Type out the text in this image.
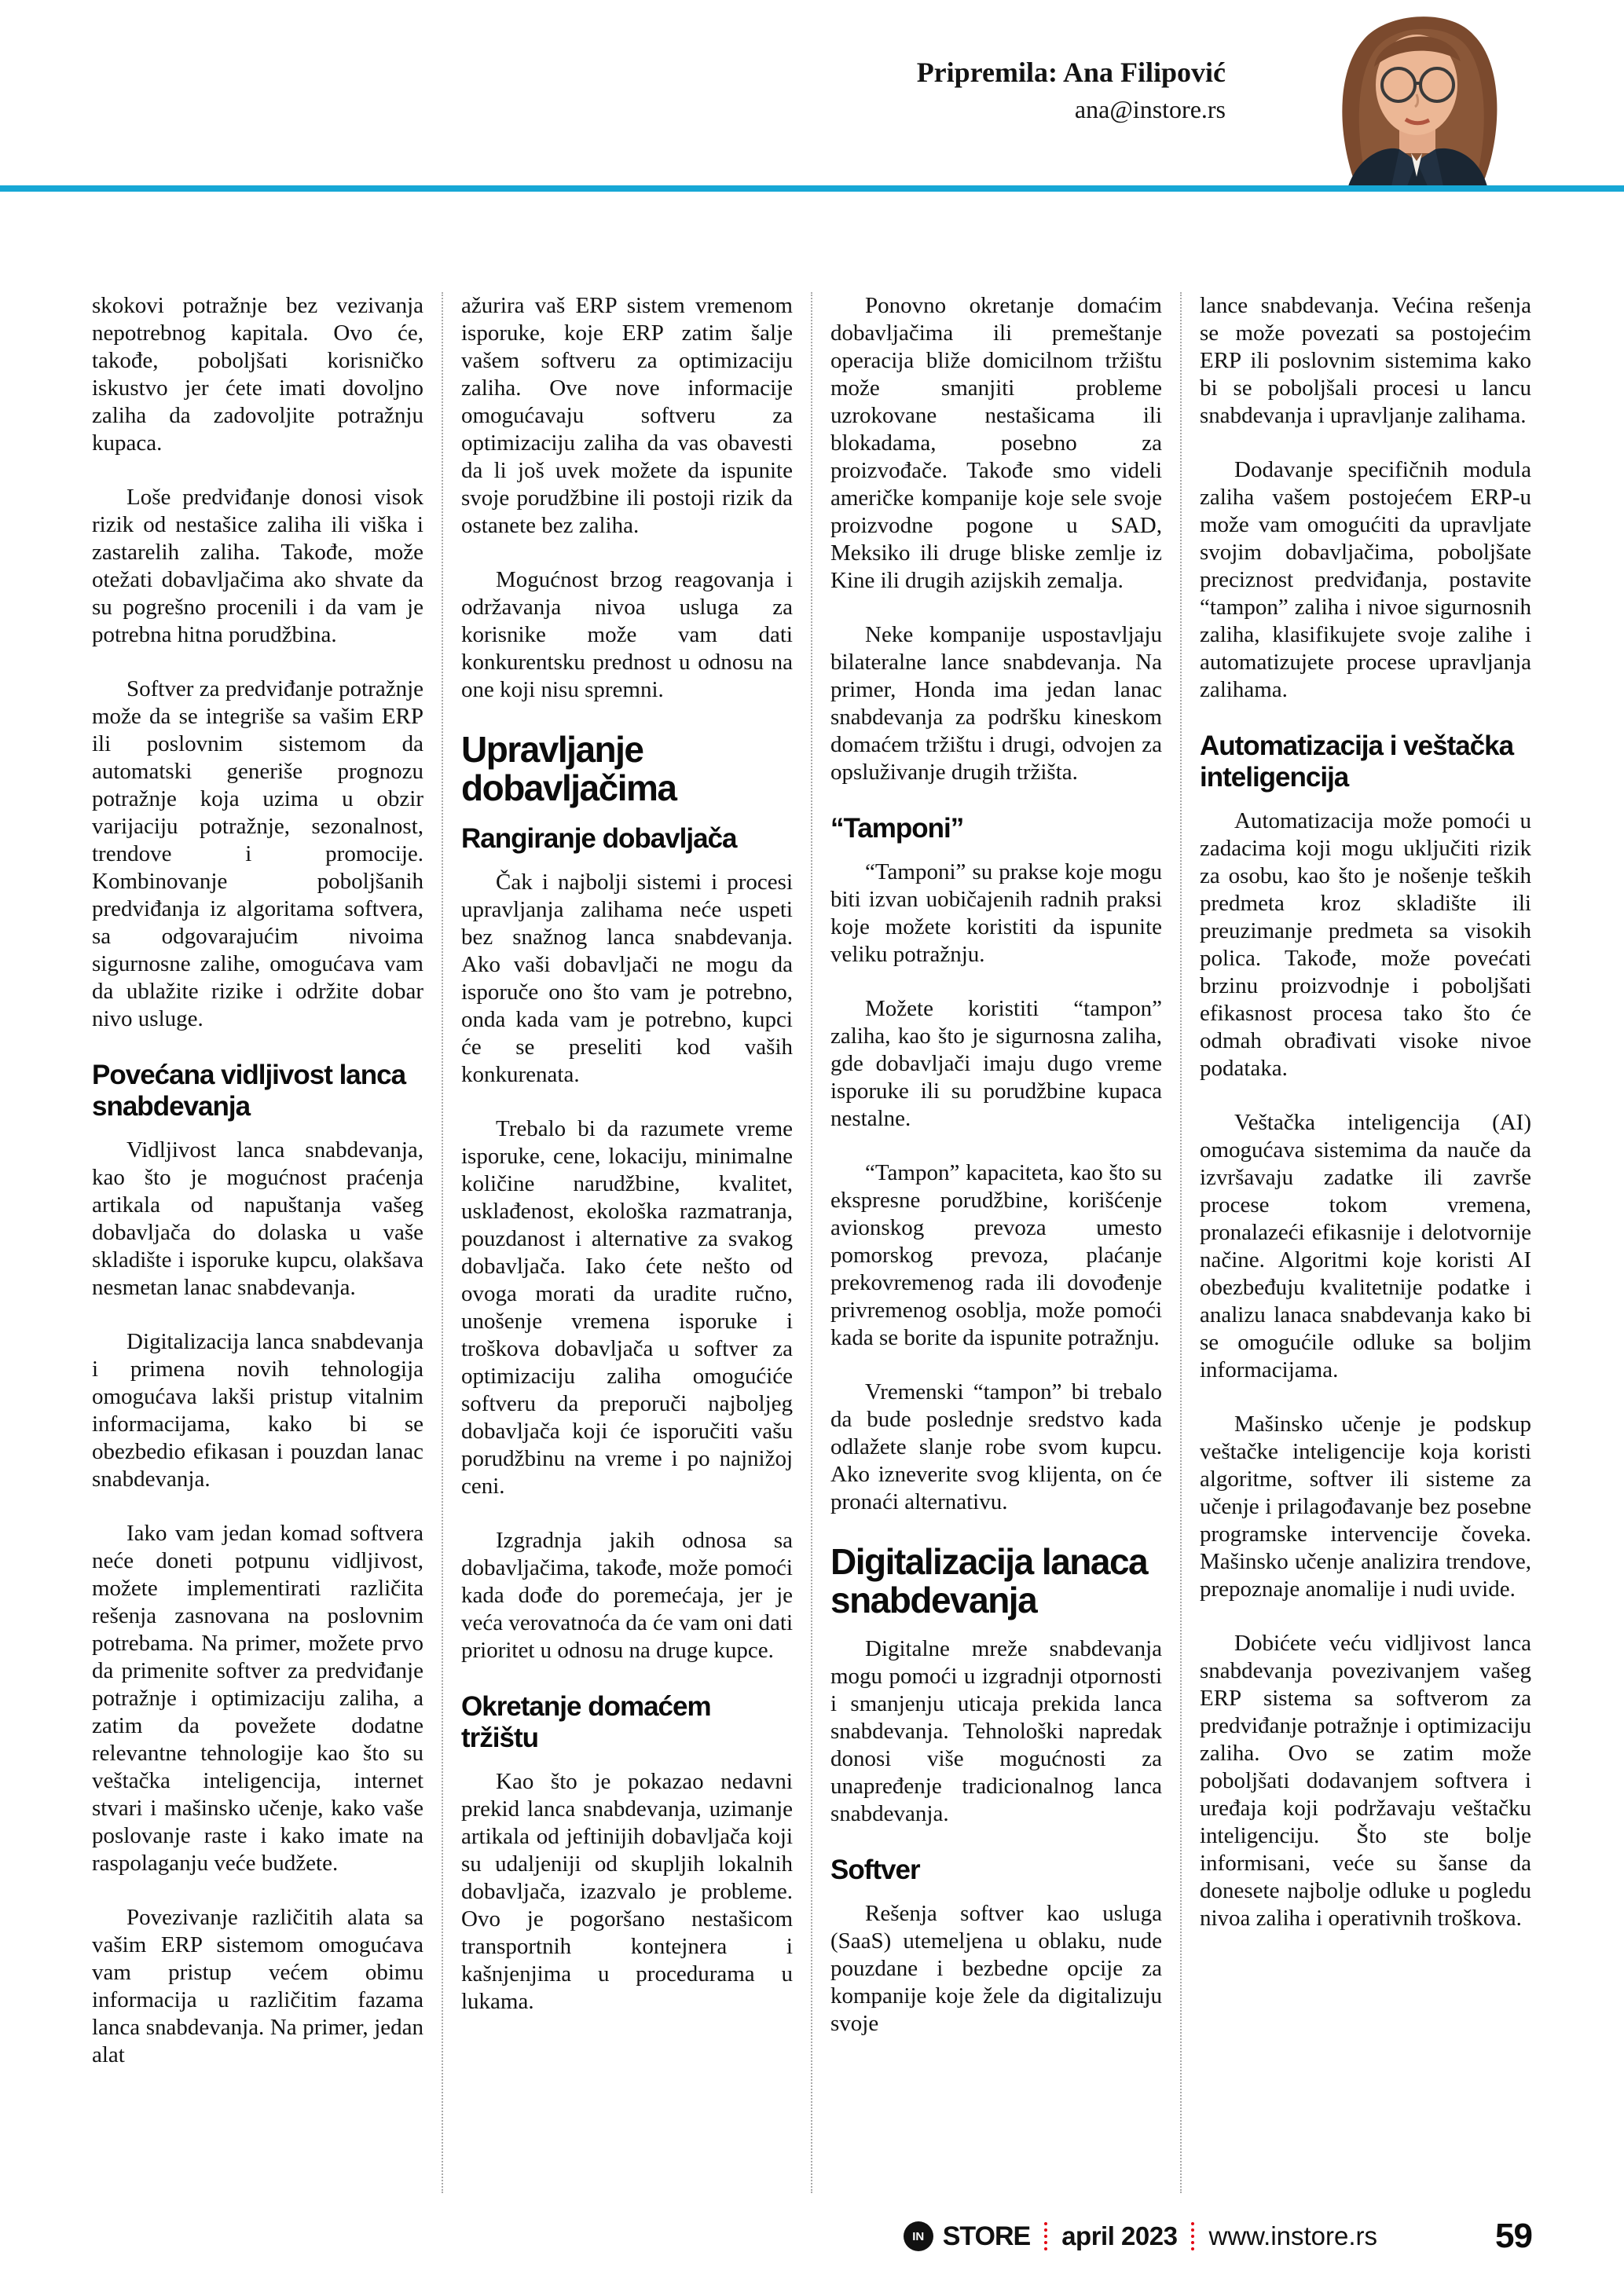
Pripremila: Ana Filipović
ana@instore.rs

skokovi potražnje bez vezivanja nepotrebnog kapitala. Ovo će, takođe, poboljšati korisničko iskustvo jer ćete imati dovoljno zaliha da zadovoljite potražnju kupaca.

Loše predviđanje donosi visok rizik od nestašice zaliha ili viška i zastarelih zaliha. Takođe, može otežati dobavljačima ako shvate da su pogrešno procenili i da vam je potrebna hitna porudžbina.

Softver za predviđanje potražnje može da se integriše sa vašim ERP ili poslovnim sistemom da automatski generiše prognozu potražnje koja uzima u obzir varijaciju potražnje, sezonalnost, trendove i promocije. Kombinovanje poboljšanih predviđanja iz algoritama softvera, sa odgovarajućim nivoima sigurnosne zalihe, omogućava vam da ublažite rizike i održite dobar nivo usluge.

Povećana vidljivost lanca snabdevanja

Vidljivost lanca snabdevanja, kao što je mogućnost praćenja artikala od napuštanja vašeg dobavljača do dolaska u vaše skladište i isporuke kupcu, olakšava nesmetan lanac snabdevanja.

Digitalizacija lanca snabdevanja i primena novih tehnologija omogućava lakši pristup vitalnim informacijama, kako bi se obezbedio efikasan i pouzdan lanac snabdevanja.

Iako vam jedan komad softvera neće doneti potpunu vidljivost, možete implementirati različita rešenja zasnovana na poslovnim potrebama. Na primer, možete prvo da primenite softver za predviđanje potražnje i optimizaciju zaliha, a zatim da povežete dodatne relevantne tehnologije kao što su veštačka inteligencija, internet stvari i mašinsko učenje, kako vaše poslovanje raste i kako imate na raspolaganju veće budžete.

Povezivanje različitih alata sa vašim ERP sistemom omogućava vam pristup većem obimu informacija u različitim fazama lanca snabdevanja. Na primer, jedan alat

ažurira vaš ERP sistem vremenom isporuke, koje ERP zatim šalje vašem softveru za optimizaciju zaliha. Ove nove informacije omogućavaju softveru za optimizaciju zaliha da vas obavesti da li još uvek možete da ispunite svoje porudžbine ili postoji rizik da ostanete bez zaliha.

Mogućnost brzog reagovanja i održavanja nivoa usluga za korisnike može vam dati konkurentsku prednost u odnosu na one koji nisu spremni.

Upravljanje dobavljačima
Rangiranje dobavljača

Čak i najbolji sistemi i procesi upravljanja zalihama neće uspeti bez snažnog lanca snabdevanja. Ako vaši dobavljači ne mogu da isporuče ono što vam je potrebno, onda kada vam je potrebno, kupci će se preseliti kod vaših konkurenata.

Trebalo bi da razumete vreme isporuke, cene, lokaciju, minimalne količine narudžbine, kvalitet, usklađenost, ekološka razmatranja, pouzdanost i alternative za svakog dobavljača. Iako ćete nešto od ovoga morati da uradite ručno, unošenje vremena isporuke i troškova dobavljača u softver za optimizaciju zaliha omogućiće softveru da preporuči najboljeg dobavljača koji će isporučiti vašu porudžbinu na vreme i po najnižoj ceni.

Izgradnja jakih odnosa sa dobavljačima, takođe, može pomoći kada dođe do poremećaja, jer je veća verovatnoća da će vam oni dati prioritet u odnosu na druge kupce.

Okretanje domaćem tržištu

Kao što je pokazao nedavni prekid lanca snabdevanja, uzimanje artikala od jeftinijih dobavljača koji su udaljeniji od skupljih lokalnih dobavljača, izazvalo je probleme. Ovo je pogoršano nestašicom transportnih kontejnera i kašnjenjima u procedurama u lukama.

Ponovno okretanje domaćim dobavljačima ili premeštanje operacija bliže domicilnom tržištu može smanjiti probleme uzrokovane nestašicama ili blokadama, posebno za proizvođače. Takođe smo videli američke kompanije koje sele svoje proizvodne pogone u SAD, Meksiko ili druge bliske zemlje iz Kine ili drugih azijskih zemalja.

Neke kompanije uspostavljaju bilateralne lance snabdevanja. Na primer, Honda ima jedan lanac snabdevanja za podršku kineskom domaćem tržištu i drugi, odvojen za opsluživanje drugih tržišta.

“Tamponi”

“Tamponi” su prakse koje mogu biti izvan uobičajenih radnih praksi koje možete koristiti da ispunite veliku potražnju.

Možete koristiti “tampon” zaliha, kao što je sigurnosna zaliha, gde dobavljači imaju dugo vreme isporuke ili su porudžbine kupaca nestalne.

“Tampon” kapaciteta, kao što su ekspresne porudžbine, korišćenje avionskog prevoza umesto pomorskog prevoza, plaćanje prekovremenog rada ili dovođenje privremenog osoblja, može pomoći kada se borite da ispunite potražnju.

Vremenski “tampon” bi trebalo da bude poslednje sredstvo kada odlažete slanje robe svom kupcu. Ako izneverite svog klijenta, on će pronaći alternativu.

Digitalizacija lanaca snabdevanja

Digitalne mreže snabdevanja mogu pomoći u izgradnji otpornosti i smanjenju uticaja prekida lanca snabdevanja. Tehnološki napredak donosi više mogućnosti za unapređenje tradicionalnog lanca snabdevanja.

Softver

Rešenja softver kao usluga (SaaS) utemeljena u oblaku, nude pouzdane i bezbedne opcije za kompanije koje žele da digitalizuju svoje

lance snabdevanja. Većina rešenja se može povezati sa postojećim ERP ili poslovnim sistemima kako bi se poboljšali procesi u lancu snabdevanja i upravljanje zalihama.

Dodavanje specifičnih modula zaliha vašem postojećem ERP-u može vam omogućiti da upravljate svojim dobavljačima, poboljšate preciznost predviđanja, postavite “tampon” zaliha i nivoe sigurnosnih zaliha, klasifikujete svoje zalihe i automatizujete procese upravljanja zalihama.

Automatizacija i veštačka inteligencija

Automatizacija može pomoći u zadacima koji mogu uključiti rizik za osobu, kao što je nošenje teških predmeta kroz skladište ili preuzimanje predmeta sa visokih polica. Takođe, može povećati brzinu proizvodnje i poboljšati efikasnost procesa tako što će odmah obrađivati visoke nivoe podataka.

Veštačka inteligencija (AI) omogućava sistemima da nauče da izvršavaju zadatke ili završe procese tokom vremena, pronalazeći efikasnije i delotvornije načine. Algoritmi koje koristi AI obezbeđuju kvalitetnije podatke i analizu lanaca snabdevanja kako bi se omogućile odluke sa boljim informacijama.

Mašinsko učenje je podskup veštačke inteligencije koja koristi algoritme, softver ili sisteme za učenje i prilagođavanje bez posebne programske intervencije čoveka. Mašinsko učenje analizira trendove, prepoznaje anomalije i nudi uvide.

Dobićete veću vidljivost lanca snabdevanja povezivanjem vašeg ERP sistema sa softverom za predviđanje potražnje i optimizaciju zaliha. Ovo se zatim može poboljšati dodavanjem softvera i uređaja koji podržavaju veštačku inteligenciju. Što ste bolje informisani, veće su šanse da donesete najbolje odluke u pogledu nivoa zaliha i operativnih troškova.

IN STORE april 2023 www.instore.rs	59
